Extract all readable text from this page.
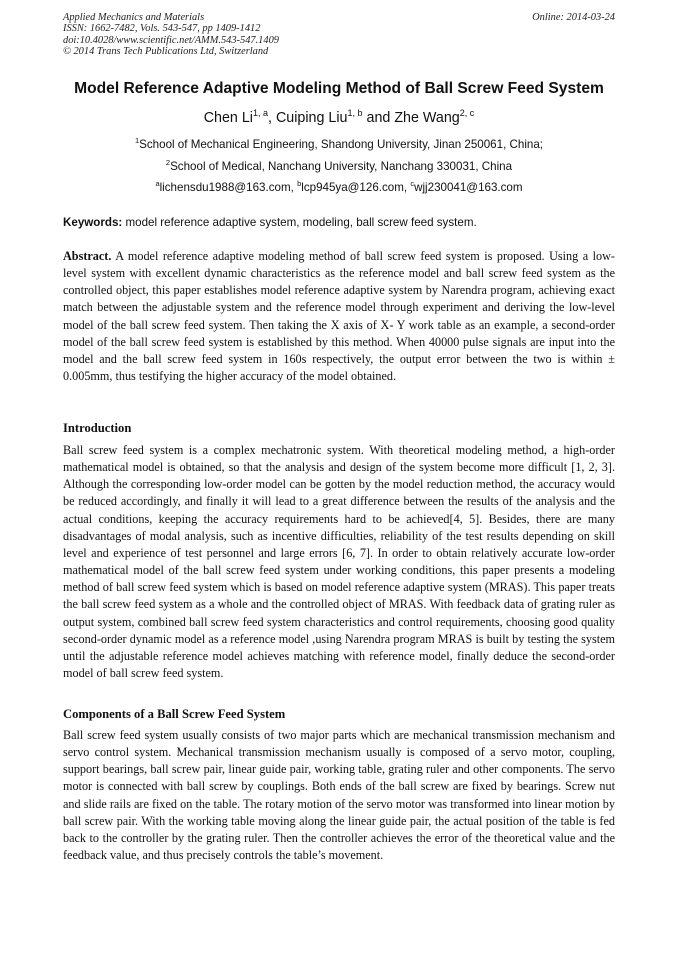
Applied Mechanics and Materials
ISSN: 1662-7482, Vols. 543-547, pp 1409-1412
doi:10.4028/www.scientific.net/AMM.543-547.1409
© 2014 Trans Tech Publications Ltd, Switzerland
Online: 2014-03-24
Model Reference Adaptive Modeling Method of Ball Screw Feed System
Chen Li$^{1, a}$, Cuiping Liu$^{1, b}$ and Zhe Wang$^{2, c}$
$^1$School of Mechanical Engineering, Shandong University, Jinan 250061, China;
$^2$School of Medical, Nanchang University, Nanchang 330031, China
$^a$lichensdu1988@163.com, $^b$lcp945ya@126.com, $^c$wjj230041@163.com
Keywords: model reference adaptive system, modeling, ball screw feed system.

Abstract. A model reference adaptive modeling method of ball screw feed system is proposed. Using a low-level system with excellent dynamic characteristics as the reference model and ball screw feed system as the controlled object, this paper establishes model reference adaptive system by Narendra program, achieving exact match between the adjustable system and the reference model through experiment and deriving the low-level model of the ball screw feed system. Then taking the X axis of X- Y work table as an example, a second-order model of the ball screw feed system is established by this method. When 40000 pulse signals are input into the model and the ball screw feed system in 160s respectively, the output error between the two is within ± 0.005mm, thus testifying the higher accuracy of the model obtained.

Introduction

Ball screw feed system is a complex mechatronic system. With theoretical modeling method, a high-order mathematical model is obtained, so that the analysis and design of the system become more difficult [1, 2, 3]. Although the corresponding low-order model can be gotten by the model reduction method, the accuracy would be reduced accordingly, and finally it will lead to a great difference between the results of the analysis and the actual conditions, keeping the accuracy requirements hard to be achieved[4, 5]. Besides, there are many disadvantages of modal analysis, such as incentive difficulties, reliability of the test results depending on skill level and experience of test personnel and large errors [6, 7]. In order to obtain relatively accurate low-order mathematical model of the ball screw feed system under working conditions, this paper presents a modeling method of ball screw feed system which is based on model reference adaptive system (MRAS). This paper treats the ball screw feed system as a whole and the controlled object of MRAS. With feedback data of grating ruler as output system, combined ball screw feed system characteristics and control requirements, choosing good quality second-order dynamic model as a reference model ,using Narendra program MRAS is built by testing the system until the adjustable reference model achieves matching with reference model, finally deduce the second-order model of ball screw feed system.

Components of a Ball Screw Feed System

Ball screw feed system usually consists of two major parts which are mechanical transmission mechanism and servo control system. Mechanical transmission mechanism usually is composed of a servo motor, coupling, support bearings, ball screw pair, linear guide pair, working table, grating ruler and other components. The servo motor is connected with ball screw by couplings. Both ends of the ball screw are fixed by bearings. Screw nut and slide rails are fixed on the table. The rotary motion of the servo motor was transformed into linear motion by ball screw pair. With the working table moving along the linear guide pair, the actual position of the table is fed back to the controller by the grating ruler. Then the controller achieves the error of the theoretical value and the feedback value, and thus precisely controls the table’s movement.
